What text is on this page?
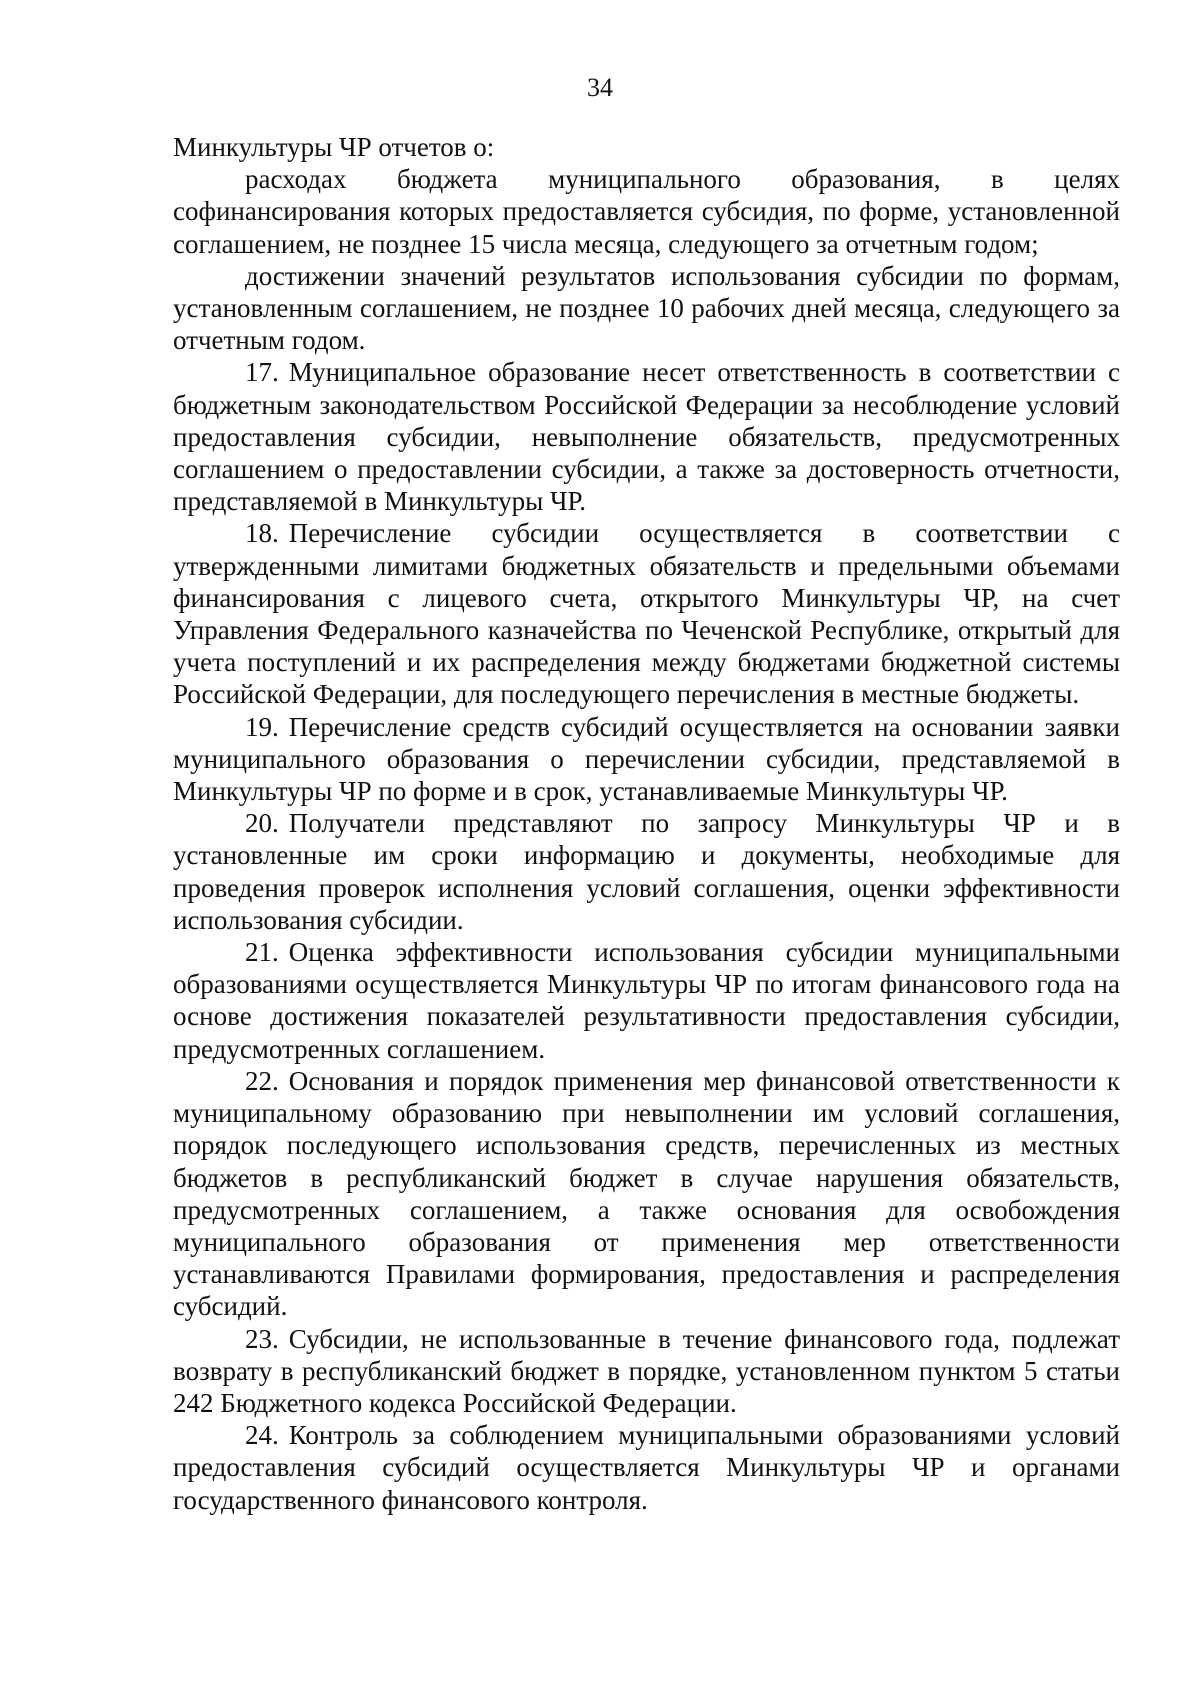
34

Минкультуры ЧР отчетов о:

расходах бюджета муниципального образования, в целях софинансирования которых предоставляется субсидия, по форме, установленной соглашением, не позднее 15 числа месяца, следующего за отчетным годом;

достижении значений результатов использования субсидии по формам, установленным соглашением, не позднее 10 рабочих дней месяца, следующего за отчетным годом.

17. Муниципальное образование несет ответственность в соответствии с бюджетным законодательством Российской Федерации за несоблюдение условий предоставления субсидии, невыполнение обязательств, предусмотренных соглашением о предоставлении субсидии, а также за достоверность отчетности, представляемой в Минкультуры ЧР.

18. Перечисление субсидии осуществляется в соответствии с утвержденными лимитами бюджетных обязательств и предельными объемами финансирования с лицевого счета, открытого Минкультуры ЧР, на счет Управления Федерального казначейства по Чеченской Республике, открытый для учета поступлений и их распределения между бюджетами бюджетной системы Российской Федерации, для последующего перечисления в местные бюджеты.

19. Перечисление средств субсидий осуществляется на основании заявки муниципального образования о перечислении субсидии, представляемой в Минкультуры ЧР по форме и в срок, устанавливаемые Минкультуры ЧР.

20. Получатели представляют по запросу Минкультуры ЧР и в установленные им сроки информацию и документы, необходимые для проведения проверок исполнения условий соглашения, оценки эффективности использования субсидии.

21. Оценка эффективности использования субсидии муниципальными образованиями осуществляется Минкультуры ЧР по итогам финансового года на основе достижения показателей результативности предоставления субсидии, предусмотренных соглашением.

22. Основания и порядок применения мер финансовой ответственности к муниципальному образованию при невыполнении им условий соглашения, порядок последующего использования средств, перечисленных из местных бюджетов в республиканский бюджет в случае нарушения обязательств, предусмотренных соглашением, а также основания для освобождения муниципального образования от применения мер ответственности устанавливаются Правилами формирования, предоставления и распределения субсидий.

23. Субсидии, не использованные в течение финансового года, подлежат возврату в республиканский бюджет в порядке, установленном пунктом 5 статьи 242 Бюджетного кодекса Российской Федерации.

24. Контроль за соблюдением муниципальными образованиями условий предоставления субсидий осуществляется Минкультуры ЧР и органами государственного финансового контроля.
